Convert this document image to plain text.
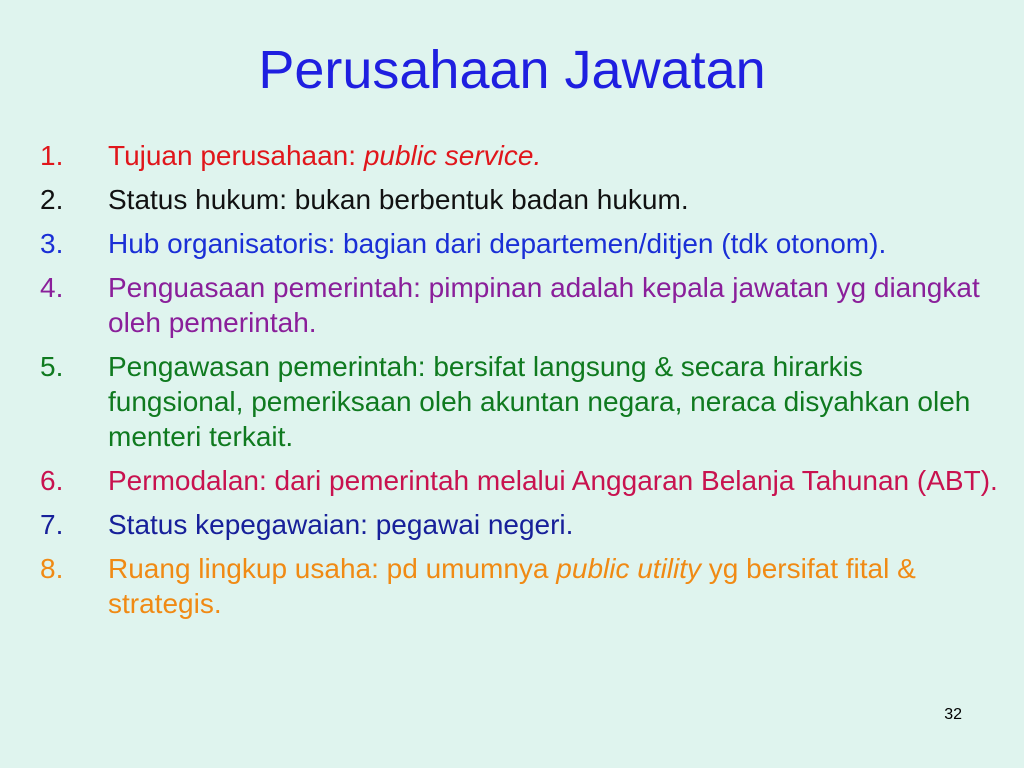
Perusahaan Jawatan
1.	Tujuan perusahaan: public service.
2.	Status hukum: bukan berbentuk badan hukum.
3.	Hub organisatoris: bagian dari departemen/ditjen (tdk otonom).
4.	Penguasaan pemerintah: pimpinan adalah kepala jawatan yg diangkat oleh pemerintah.
5.	Pengawasan pemerintah: bersifat langsung & secara hirarkis fungsional, pemeriksaan oleh akuntan negara, neraca disyahkan oleh menteri terkait.
6.	Permodalan: dari pemerintah melalui Anggaran Belanja Tahunan (ABT).
7.	Status kepegawaian: pegawai negeri.
8.	Ruang lingkup usaha: pd umumnya public utility yg bersifat fital & strategis.
32
